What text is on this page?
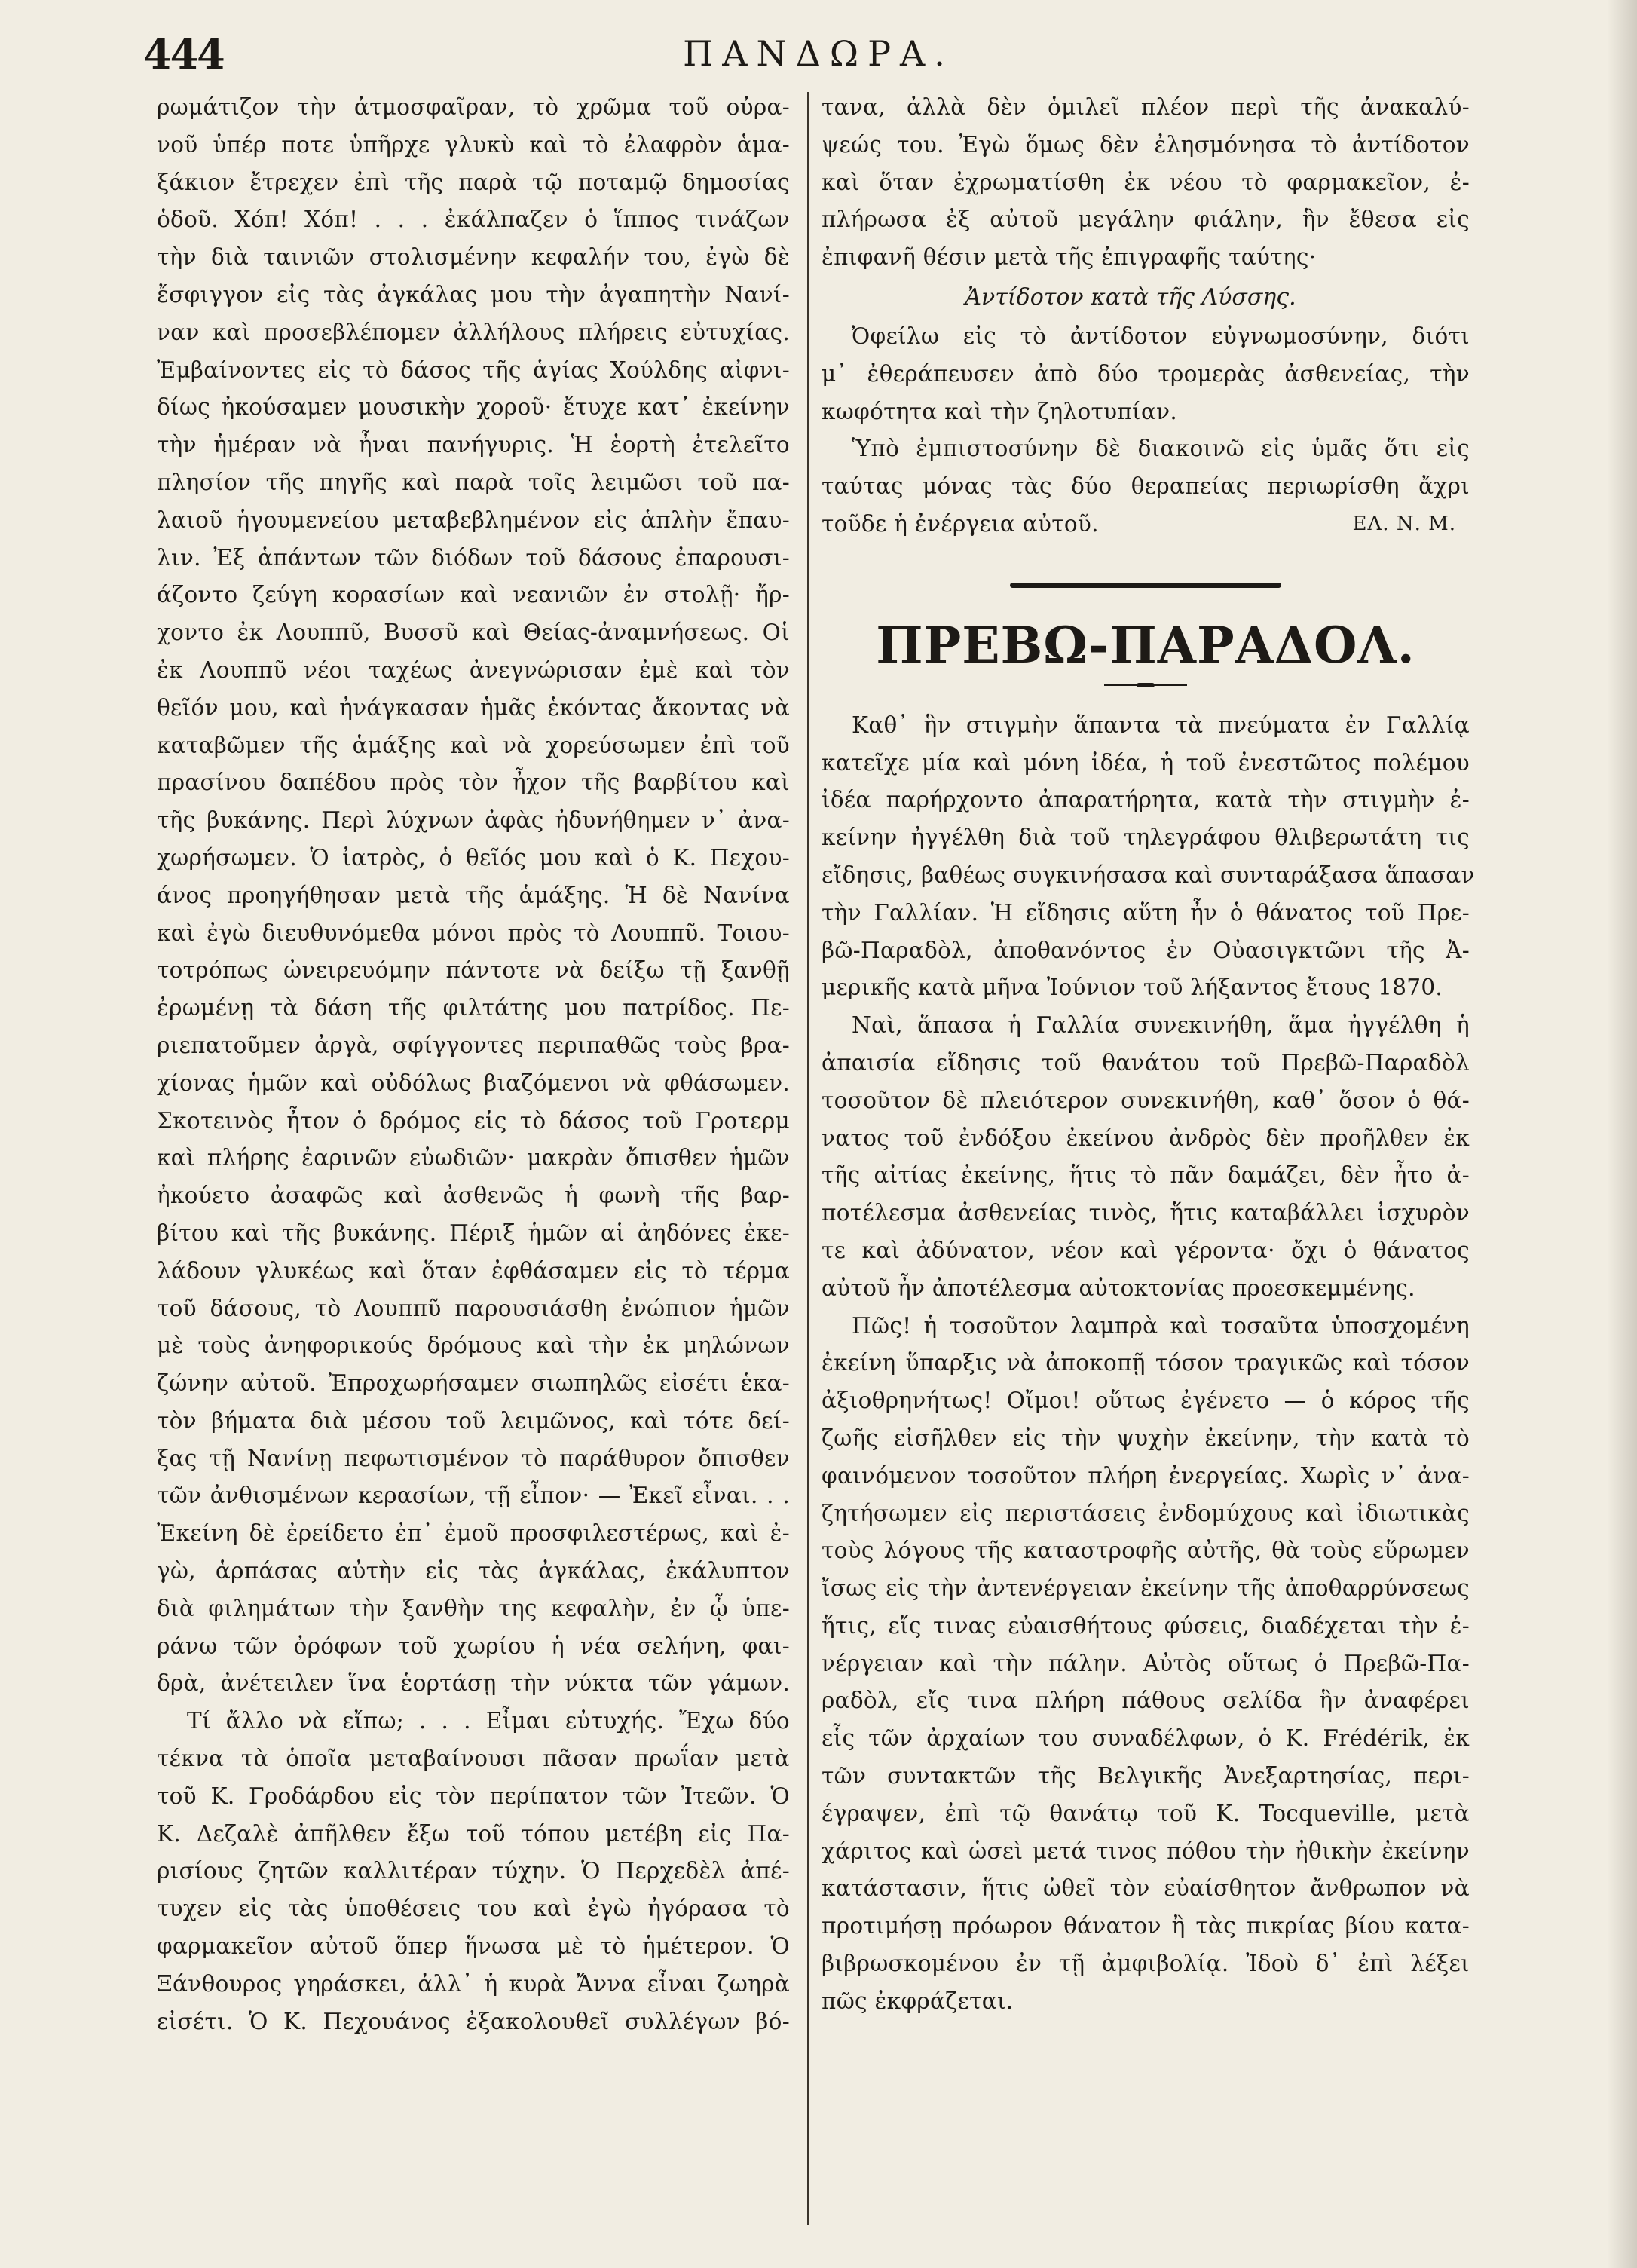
444	ΠΑΝΔΩΡΑ.
ρωμάτιζον τὴν ἀτμοσφαῖραν, τὸ χρῶμα τοῦ οὐρα-
νοῦ ὑπέρ ποτε ὑπῆρχε γλυκὺ καὶ τὸ ἐλαφρὸν ἁμα-
ξάκιον ἔτρεχεν ἐπὶ τῆς παρὰ τῷ ποταμῷ δημοσίας
ὁδοῦ. Χόπ! Χόπ! . . . ἐκάλπαζεν ὁ ἵππος τινάζων
τὴν διὰ ταινιῶν στολισμένην κεφαλήν του, ἐγὼ δὲ
ἔσφιγγον εἰς τὰς ἀγκάλας μου τὴν ἀγαπητὴν Νανί-
ναν καὶ προσεβλέπομεν ἀλλήλους πλήρεις εὐτυχίας.
Ἐμβαίνοντες εἰς τὸ δάσος τῆς ἁγίας Χούλδης αἰφνι-
δίως ἠκούσαμεν μουσικὴν χοροῦ· ἔτυχε κατ᾽ ἐκείνην
τὴν ἡμέραν νὰ ἦναι πανήγυρις. Ἡ ἑορτὴ ἐτελεῖτο
πλησίον τῆς πηγῆς καὶ παρὰ τοῖς λειμῶσι τοῦ πα-
λαιοῦ ἡγουμενείου μεταβεβλημένον εἰς ἁπλὴν ἔπαυ-
λιν. Ἐξ ἁπάντων τῶν διόδων τοῦ δάσους ἐπαρουσι-
άζοντο ζεύγη κορασίων καὶ νεανιῶν ἐν στολῇ· ἤρ-
χοντο ἐκ Λουππῦ, Βυσσῦ καὶ Θείας-ἀναμνήσεως. Οἱ
ἐκ Λουππῦ νέοι ταχέως ἀνεγνώρισαν ἐμὲ καὶ τὸν
θεῖόν μου, καὶ ἠνάγκασαν ἡμᾶς ἑκόντας ἄκοντας νὰ
καταβῶμεν τῆς ἁμάξης καὶ νὰ χορεύσωμεν ἐπὶ τοῦ
πρασίνου δαπέδου πρὸς τὸν ἦχον τῆς βαρβίτου καὶ
τῆς βυκάνης. Περὶ λύχνων ἀφὰς ἠδυνήθημεν ν᾽ ἀνα-
χωρήσωμεν. Ὁ ἰατρὸς, ὁ θεῖός μου καὶ ὁ Κ. Πεχου-
άνος προηγήθησαν μετὰ τῆς ἁμάξης. Ἡ δὲ Νανίνα
καὶ ἐγὼ διευθυνόμεθα μόνοι πρὸς τὸ Λουππῦ. Τοιου-
τοτρόπως ὠνειρευόμην πάντοτε νὰ δείξω τῇ ξανθῇ
ἐρωμένῃ τὰ δάση τῆς φιλτάτης μου πατρίδος. Πε-
ριεπατοῦμεν ἀργὰ, σφίγγοντες περιπαθῶς τοὺς βρα-
χίονας ἡμῶν καὶ οὐδόλως βιαζόμενοι νὰ φθάσωμεν.
Σκοτεινὸς ἦτον ὁ δρόμος εἰς τὸ δάσος τοῦ Γροτερμ
καὶ πλήρης ἐαρινῶν εὐωδιῶν· μακρὰν ὄπισθεν ἡμῶν
ἠκούετο ἀσαφῶς καὶ ἀσθενῶς ἡ φωνὴ τῆς βαρ-
βίτου καὶ τῆς βυκάνης. Πέριξ ἡμῶν αἱ ἀηδόνες ἐκε-
λάδουν γλυκέως καὶ ὅταν ἐφθάσαμεν εἰς τὸ τέρμα
τοῦ δάσους, τὸ Λουππῦ παρουσιάσθη ἐνώπιον ἡμῶν
μὲ τοὺς ἀνηφορικούς δρόμους καὶ τὴν ἐκ μηλώνων
ζώνην αὐτοῦ. Ἐπροχωρήσαμεν σιωπηλῶς εἰσέτι ἑκα-
τὸν βήματα διὰ μέσου τοῦ λειμῶνος, καὶ τότε δεί-
ξας τῇ Νανίνῃ πεφωτισμένον τὸ παράθυρον ὄπισθεν
τῶν ἀνθισμένων κερασίων, τῇ εἶπον· — Ἐκεῖ εἶναι. . .
Ἐκείνη δὲ ἐρείδετο ἐπ᾽ ἐμοῦ προσφιλεστέρως, καὶ ἐ-
γὼ, ἁρπάσας αὐτὴν εἰς τὰς ἀγκάλας, ἐκάλυπτον
διὰ φιλημάτων τὴν ξανθὴν της κεφαλὴν, ἐν ᾧ ὑπε-
ράνω τῶν ὀρόφων τοῦ χωρίου ἡ νέα σελήνη, φαι-
δρὰ, ἀνέτειλεν ἵνα ἑορτάσῃ τὴν νύκτα τῶν γάμων.
Τί ἄλλο νὰ εἴπω; . . . Εἶμαι εὐτυχής. Ἔχω δύο
τέκνα τὰ ὁποῖα μεταβαίνουσι πᾶσαν πρωΐαν μετὰ
τοῦ Κ. Γροδάρδου εἰς τὸν περίπατον τῶν Ἰτεῶν. Ὁ
Κ. Δεζαλὲ ἀπῆλθεν ἔξω τοῦ τόπου μετέβη εἰς Πα-
ρισίους ζητῶν καλλιτέραν τύχην. Ὁ Περχεδὲλ ἀπέ-
τυχεν εἰς τὰς ὑποθέσεις του καὶ ἐγὼ ἠγόρασα τὸ
φαρμακεῖον αὐτοῦ ὅπερ ἥνωσα μὲ τὸ ἡμέτερον. Ὁ
Ξάνθουρος γηράσκει, ἀλλ᾽ ἡ κυρὰ Ἄννα εἶναι ζωηρὰ
εἰσέτι. Ὁ Κ. Πεχουάνος ἐξακολουθεῖ συλλέγων βό-
τανα, ἀλλὰ δὲν ὁμιλεῖ πλέον περὶ τῆς ἀνακαλύ-
ψεώς του. Ἐγὼ ὅμως δὲν ἐλησμόνησα τὸ ἀντίδοτον
καὶ ὅταν ἐχρωματίσθη ἐκ νέου τὸ φαρμακεῖον, ἐ-
πλήρωσα ἐξ αὐτοῦ μεγάλην φιάλην, ἣν ἔθεσα εἰς
ἐπιφανῆ θέσιν μετὰ τῆς ἐπιγραφῆς ταύτης·
Ἀντίδοτον κατὰ τῆς Λύσσης.
Ὀφείλω εἰς τὸ ἀντίδοτον εὐγνωμοσύνην, διότι
μ᾽ ἐθεράπευσεν ἀπὸ δύο τρομερὰς ἀσθενείας, τὴν
κωφότητα καὶ τὴν ζηλοτυπίαν.
Ὑπὸ ἐμπιστοσύνην δὲ διακοινῶ εἰς ὑμᾶς ὅτι εἰς
ταύτας μόνας τὰς δύο θεραπείας περιωρίσθη ἄχρι
τοῦδε ἡ ἐνέργεια αὐτοῦ.	ΕΛ. Ν. Μ.
ΠΡΕΒΩ-ΠΑΡΑΔΟΛ.
Καθ᾽ ἣν στιγμὴν ἅπαντα τὰ πνεύματα ἐν Γαλλίᾳ
κατεῖχε μία καὶ μόνη ἰδέα, ἡ τοῦ ἐνεστῶτος πολέμου
ἰδέα παρήρχοντο ἀπαρατήρητα, κατὰ τὴν στιγμὴν ἐ-
κείνην ἠγγέλθη διὰ τοῦ τηλεγράφου θλιβερωτάτη τις
εἴδησις, βαθέως συγκινήσασα καὶ συνταράξασα ἅπασαν
τὴν Γαλλίαν. Ἡ εἴδησις αὕτη ἦν ὁ θάνατος τοῦ Πρε-
βῶ-Παραδὸλ, ἀποθανόντος ἐν Οὐασιγκτῶνι τῆς Ἀ-
μερικῆς κατὰ μῆνα Ἰούνιον τοῦ λήξαντος ἔτους 1870.
Ναὶ, ἅπασα ἡ Γαλλία συνεκινήθη, ἅμα ἠγγέλθη ἡ
ἀπαισία εἴδησις τοῦ θανάτου τοῦ Πρεβῶ-Παραδὸλ
τοσοῦτον δὲ πλειότερον συνεκινήθη, καθ᾽ ὅσον ὁ θά-
νατος τοῦ ἐνδόξου ἐκείνου ἀνδρὸς δὲν προῆλθεν ἐκ
τῆς αἰτίας ἐκείνης, ἥτις τὸ πᾶν δαμάζει, δὲν ἦτο ἀ-
ποτέλεσμα ἀσθενείας τινὸς, ἥτις καταβάλλει ἰσχυρὸν
τε καὶ ἀδύνατον, νέον καὶ γέροντα· ὄχι ὁ θάνατος
αὐτοῦ ἦν ἀποτέλεσμα αὐτοκτονίας προεσκεμμένης.
Πῶς! ἡ τοσοῦτον λαμπρὰ καὶ τοσαῦτα ὑποσχομένη
ἐκείνη ὕπαρξις νὰ ἀποκοπῇ τόσον τραγικῶς καὶ τόσον
ἀξιοθρηνήτως! Οἴμοι! οὕτως ἐγένετο — ὁ κόρος τῆς
ζωῆς εἰσῆλθεν εἰς τὴν ψυχὴν ἐκείνην, τὴν κατὰ τὸ
φαινόμενον τοσοῦτον πλήρη ἐνεργείας. Χωρὶς ν᾽ ἀνα-
ζητήσωμεν εἰς περιστάσεις ἐνδομύχους καὶ ἰδιωτικὰς
τοὺς λόγους τῆς καταστροφῆς αὐτῆς, θὰ τοὺς εὕρωμεν
ἴσως εἰς τὴν ἀντενέργειαν ἐκείνην τῆς ἀποθαρρύνσεως
ἥτις, εἴς τινας εὐαισθήτους φύσεις, διαδέχεται τὴν ἐ-
νέργειαν καὶ τὴν πάλην. Αὐτὸς οὕτως ὁ Πρεβῶ-Πα-
ραδὸλ, εἴς τινα πλήρη πάθους σελίδα ἣν ἀναφέρει
εἷς τῶν ἀρχαίων του συναδέλφων, ὁ Κ. Frédérik, ἐκ
τῶν συντακτῶν τῆς Βελγικῆς Ἀνεξαρτησίας, περι-
έγραψεν, ἐπὶ τῷ θανάτῳ τοῦ Κ. Tocqueville, μετὰ
χάριτος καὶ ὡσεὶ μετά τινος πόθου τὴν ἠθικὴν ἐκείνην
κατάστασιν, ἥτις ὠθεῖ τὸν εὐαίσθητον ἄνθρωπον νὰ
προτιμήσῃ πρόωρον θάνατον ἢ τὰς πικρίας βίου κατα-
βιβρωσκομένου ἐν τῇ ἀμφιβολίᾳ. Ἰδοὺ δ᾽ ἐπὶ λέξει
πῶς ἐκφράζεται.
